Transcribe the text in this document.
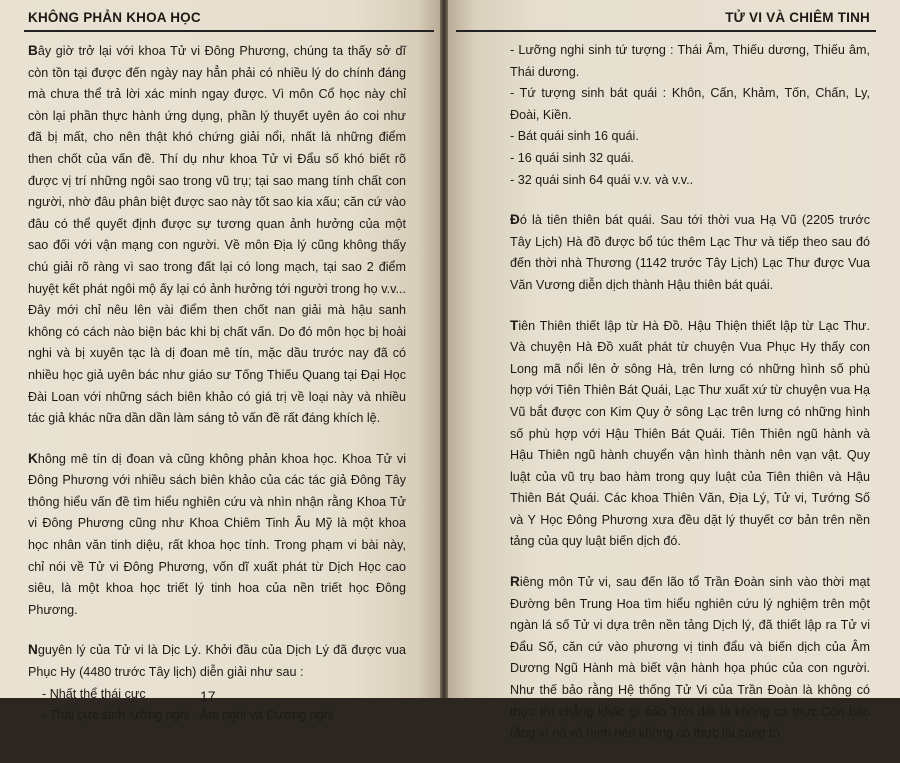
KHÔNG PHẢN KHOA HỌC

Bây giờ trở lại với khoa Tử vi Đông Phương, chúng ta thấy sở dĩ còn tồn tại được đến ngày nay hẳn phải có nhiều lý do chính đáng mà chưa thể trả lời xác minh ngay được. Vì môn Cổ học này chỉ còn lại phần thực hành ứng dụng, phần lý thuyết uyên áo coi như đã bị mất, cho nên thật khó chứng giải nổi, nhất là những điểm then chốt của vấn đề. Thí dụ như khoa Tử vi Đẩu số khó biết rõ được vị trí những ngôi sao trong vũ trụ; tại sao mang tính chất con người, nhờ đâu phân biệt được sao này tốt sao kia xấu; căn cứ vào đâu có thể quyết định được sự tương quan ảnh hưởng của một sao đối với vận mạng con người. Về môn Địa lý cũng không thấy chú giải rõ ràng vì sao trong đất lại có long mạch, tại sao 2 điểm huyệt kết phát ngôi mộ ấy lại có ảnh hưởng tới người trong họ v.v... Đây mới chỉ nêu lên vài điểm then chốt nan giải mà hậu sanh không có cách nào biện bác khi bị chất vấn. Do đó môn học bị hoài nghi và bị xuyên tạc là dị đoan mê tín, mặc dầu trước nay đã có nhiều học giả uyên bác như giáo sư Tống Thiếu Quang tại Đại Học Đài Loan với những sách biên khảo có giá trị về loại này và nhiều tác giả khác nữa dần dần làm sáng tỏ vấn đề rất đáng khích lệ.

Không mê tín dị đoan và cũng không phản khoa học. Khoa Tử vi Đông Phương với nhiều sách biên khảo của các tác giả Đông Tây thông hiểu vấn đề tìm hiểu nghiên cứu và nhìn nhận rằng Khoa Tử vi Đông Phương cũng như Khoa Chiêm Tinh Âu Mỹ là một khoa học nhân văn tinh diệu, rất khoa học tính. Trong phạm vi bài này, chỉ nói về Tử vi Đông Phương, vốn dĩ xuất phát từ Dịch Học cao siêu, là một khoa học triết lý tinh hoa của nền triết học Đông Phương.

Nguyên lý của Tử vi là Dịc Lý. Khởi đầu của Dịch Lý đã được vua Phục Hy (4480 trước Tây lịch) diễn giải như sau :

- Nhất thể thái cực

- Thái cực sinh lưỡng nghi : Âm nghi và Dương nghi

17
TỬ VI VÀ CHIÊM TINH

- Lưỡng nghi sinh tứ tượng : Thái Âm, Thiếu dương, Thiếu âm, Thái dương.

- Tứ tượng sinh bát quái : Khôn, Cấn, Khảm, Tốn, Chấn, Ly, Đoài, Kiền.

- Bát quái sinh 16 quái.

- 16 quái sinh 32 quái.

- 32 quái sinh 64 quái v.v. và v.v..

Đó là tiên thiên bát quái. Sau tới thời vua Hạ Vũ (2205 trước Tây Lịch) Hà đồ được bổ túc thêm Lạc Thư và tiếp theo sau đó đến thời nhà Thương (1142 trước Tây Lịch) Lạc Thư được Vua Văn Vương diễn dịch thành Hậu thiên bát quái.

Tiên Thiên thiết lập từ Hà Đồ. Hậu Thiện thiết lập từ Lạc Thư. Và chuyện Hà Đồ xuất phát từ chuyện Vua Phục Hy thấy con Long mã nổi lên ở sông Hà, trên lưng có những hình số phù hợp với Tiên Thiên Bát Quái, Lạc Thư xuất xứ từ chuyện vua Hạ Vũ bắt được con Kim Quy ở sông Lạc trên lưng có những hình số phù hợp với Hậu Thiên Bát Quái. Tiên Thiên ngũ hành và Hậu Thiên ngũ hành chuyển vận hình thành nên vạn vật. Quy luật của vũ trụ bao hàm trong quy luật của Tiên thiên và Hậu Thiên Bát Quái. Các khoa Thiên Văn, Địa Lý, Tử vi, Tướng Số và Y Học Đông Phương xưa đều dặt lý thuyết cơ bản trên nền tảng của quy luật biến dịch đó.

Riêng môn Tử vi, sau đến lão tổ Trần Đoàn sinh vào thời mạt Đường bên Trung Hoa tìm hiểu nghiên cứu lý nghiệm trên một ngàn lá số Tử vi dựa trên nền tảng Dịch lý, đã thiết lập ra Tử vi Đẩu Số, căn cứ vào phương vị tinh đẩu và biến dịch của Âm Dương Ngũ Hành mà biết vận hành họa phúc của con người. Như thế bảo rằng Hệ thống Tử Vi của Trần Đoàn là không có thực thì chẳng khác gì bảo Trời đất là không có thực.Còn bảo rằng vì nó vô hình nên không có thực lài càng tỏ
